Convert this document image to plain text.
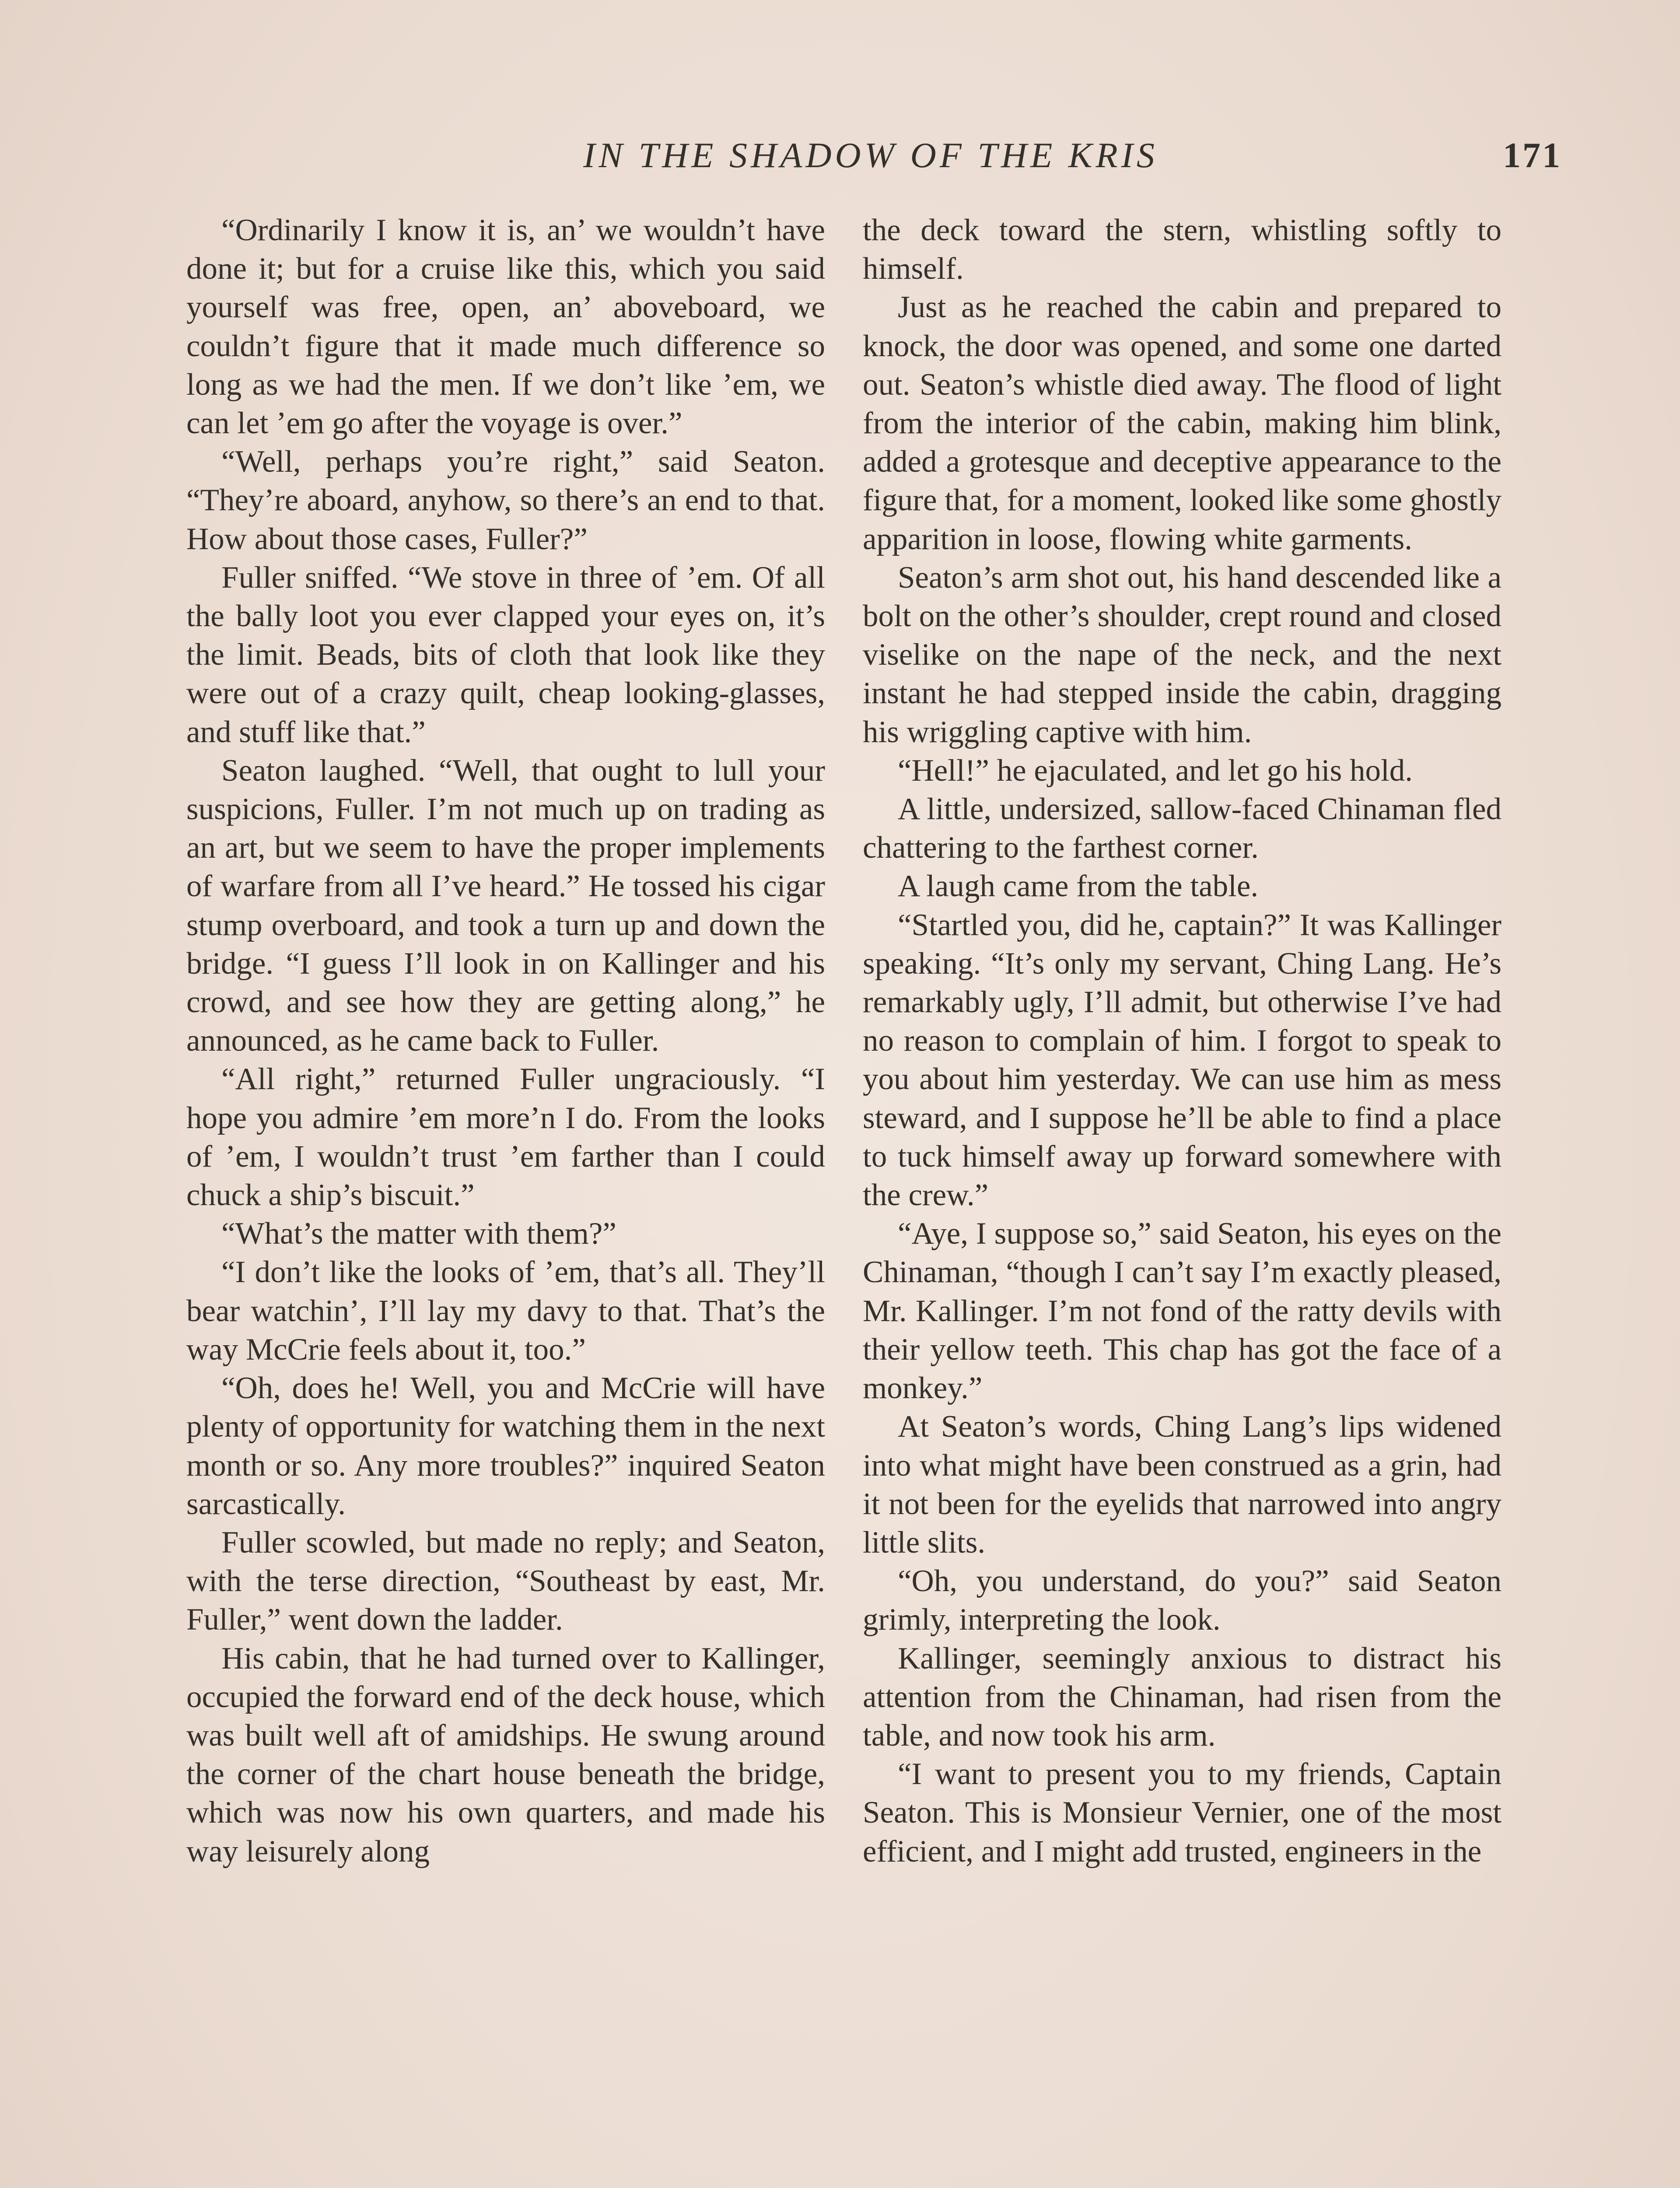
IN THE SHADOW OF THE KRIS	171

“Ordinarily I know it is, an’ we wouldn’t have done it; but for a cruise like this, which you said yourself was free, open, an’ aboveboard, we couldn’t figure that it made much difference so long as we had the men. If we don’t like ’em, we can let ’em go after the voyage is over.”

“Well, perhaps you’re right,” said Seaton. “They’re aboard, anyhow, so there’s an end to that. How about those cases, Fuller?”

Fuller sniffed. “We stove in three of ’em. Of all the bally loot you ever clapped your eyes on, it’s the limit. Beads, bits of cloth that look like they were out of a crazy quilt, cheap looking-glasses, and stuff like that.”

Seaton laughed. “Well, that ought to lull your suspicions, Fuller. I’m not much up on trading as an art, but we seem to have the proper implements of warfare from all I’ve heard.” He tossed his cigar stump overboard, and took a turn up and down the bridge. “I guess I’ll look in on Kallinger and his crowd, and see how they are getting along,” he announced, as he came back to Fuller.

“All right,” returned Fuller ungraciously. “I hope you admire ’em more’n I do. From the looks of ’em, I wouldn’t trust ’em farther than I could chuck a ship’s biscuit.”

“What’s the matter with them?”

“I don’t like the looks of ’em, that’s all. They’ll bear watchin’, I’ll lay my davy to that. That’s the way McCrie feels about it, too.”

“Oh, does he! Well, you and McCrie will have plenty of opportunity for watching them in the next month or so. Any more troubles?” inquired Seaton sarcastically.

Fuller scowled, but made no reply; and Seaton, with the terse direction, “Southeast by east, Mr. Fuller,” went down the ladder.

His cabin, that he had turned over to Kallinger, occupied the forward end of the deck house, which was built well aft of amidships. He swung around the corner of the chart house beneath the bridge, which was now his own quarters, and made his way leisurely along

the deck toward the stern, whistling softly to himself.

Just as he reached the cabin and prepared to knock, the door was opened, and some one darted out. Seaton’s whistle died away. The flood of light from the interior of the cabin, making him blink, added a grotesque and deceptive appearance to the figure that, for a moment, looked like some ghostly apparition in loose, flowing white garments.

Seaton’s arm shot out, his hand descended like a bolt on the other’s shoulder, crept round and closed viselike on the nape of the neck, and the next instant he had stepped inside the cabin, dragging his wriggling captive with him.

“Hell!” he ejaculated, and let go his hold.

A little, undersized, sallow-faced Chinaman fled chattering to the farthest corner.

A laugh came from the table.

“Startled you, did he, captain?” It was Kallinger speaking. “It’s only my servant, Ching Lang. He’s remarkably ugly, I’ll admit, but otherwise I’ve had no reason to complain of him. I forgot to speak to you about him yesterday. We can use him as mess steward, and I suppose he’ll be able to find a place to tuck himself away up forward somewhere with the crew.”

“Aye, I suppose so,” said Seaton, his eyes on the Chinaman, “though I can’t say I’m exactly pleased, Mr. Kallinger. I’m not fond of the ratty devils with their yellow teeth. This chap has got the face of a monkey.”

At Seaton’s words, Ching Lang’s lips widened into what might have been construed as a grin, had it not been for the eyelids that narrowed into angry little slits.

“Oh, you understand, do you?” said Seaton grimly, interpreting the look.

Kallinger, seemingly anxious to distract his attention from the Chinaman, had risen from the table, and now took his arm.

“I want to present you to my friends, Captain Seaton. This is Monsieur Vernier, one of the most efficient, and I might add trusted, engineers in the
